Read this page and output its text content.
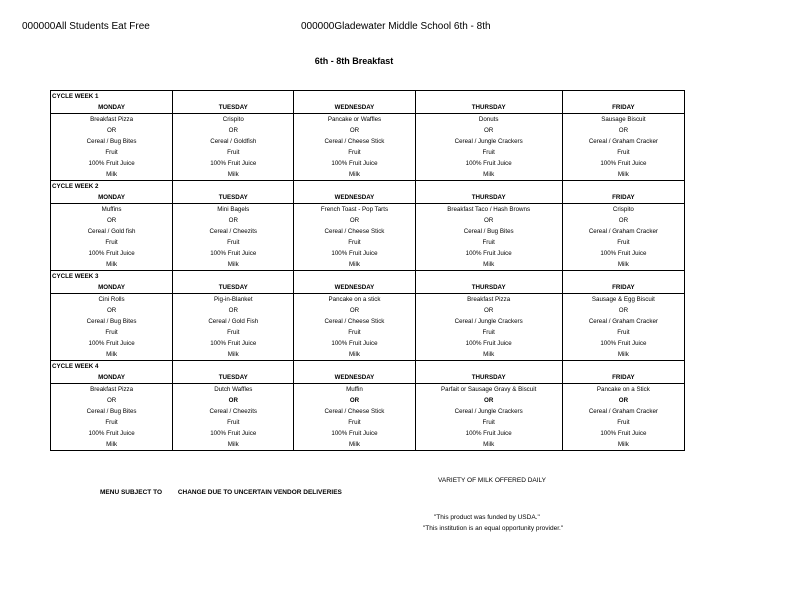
000000All Students Eat Free	000000Gladewater Middle School 6th - 8th
6th - 8th Breakfast
CYCLE WEEK 1				
MONDAY	TUESDAY	WEDNESDAY	THURSDAY	FRIDAY
Breakfast Pizza	Crispito	Pancake or Waffles	Donuts	Sausage Biscuit
OR	OR	OR	OR	OR
Cereal / Bug Bites	Cereal / Goldfish	Cereal / Cheese Stick	Cereal / Jungle Crackers	Cereal / Graham Cracker
Fruit	Fruit	Fruit	Fruit	Fruit
100% Fruit Juice	100% Fruit Juice	100% Fruit Juice	100% Fruit Juice	100% Fruit Juice
Milk	Milk	Milk	Milk	Milk
CYCLE WEEK 2				
MONDAY	TUESDAY	WEDNESDAY	THURSDAY	FRIDAY
Muffins	Mini Bagels	French Toast - Pop Tarts	Breakfast Taco / Hash Browns	Crispito
OR	OR	OR	OR	OR
Cereal / Gold fish	Cereal / Cheezits	Cereal / Cheese Stick	Cereal / Bug Bites	Cereal / Graham Cracker
Fruit	Fruit	Fruit	Fruit	Fruit
100% Fruit Juice	100% Fruit Juice	100% Fruit Juice	100% Fruit Juice	100% Fruit Juice
Milk	Milk	Milk	Milk	Milk
CYCLE WEEK 3				
MONDAY	TUESDAY	WEDNESDAY	THURSDAY	FRIDAY
Cini Rolls	Pig-in-Blanket	Pancake on a stick	Breakfast Pizza	Sausage & Egg Biscuit
OR	OR	OR	OR	OR
Cereal / Bug Bites	Cereal / Gold Fish	Cereal / Cheese Stick	Cereal / Jungle Crackers	Cereal / Graham Cracker
Fruit	Fruit	Fruit	Fruit	Fruit
100% Fruit Juice	100% Fruit Juice	100% Fruit Juice	100% Fruit Juice	100% Fruit Juice
Milk	Milk	Milk	Milk	Milk
CYCLE WEEK 4				
MONDAY	TUESDAY	WEDNESDAY	THURSDAY	FRIDAY
Breakfast Pizza	Dutch Waffles	Muffin	Parfait or Sausage Gravy & Biscuit	Pancake on a Stick
OR	OR	OR	OR	OR
Cereal / Bug Bites	Cereal / Cheezits	Cereal / Cheese Stick	Cereal / Jungle Crackers	Cereal / Graham Cracker
Fruit	Fruit	Fruit	Fruit	Fruit
100% Fruit Juice	100% Fruit Juice	100% Fruit Juice	100% Fruit Juice	100% Fruit Juice
Milk	Milk	Milk	Milk	Milk
VARIETY OF MILK OFFERED DAILY
MENU SUBJECT TO CHANGE DUE TO UNCERTAIN VENDOR DELIVERIES
"This product was funded by USDA."
"This institution is an equal opportunity provider."
